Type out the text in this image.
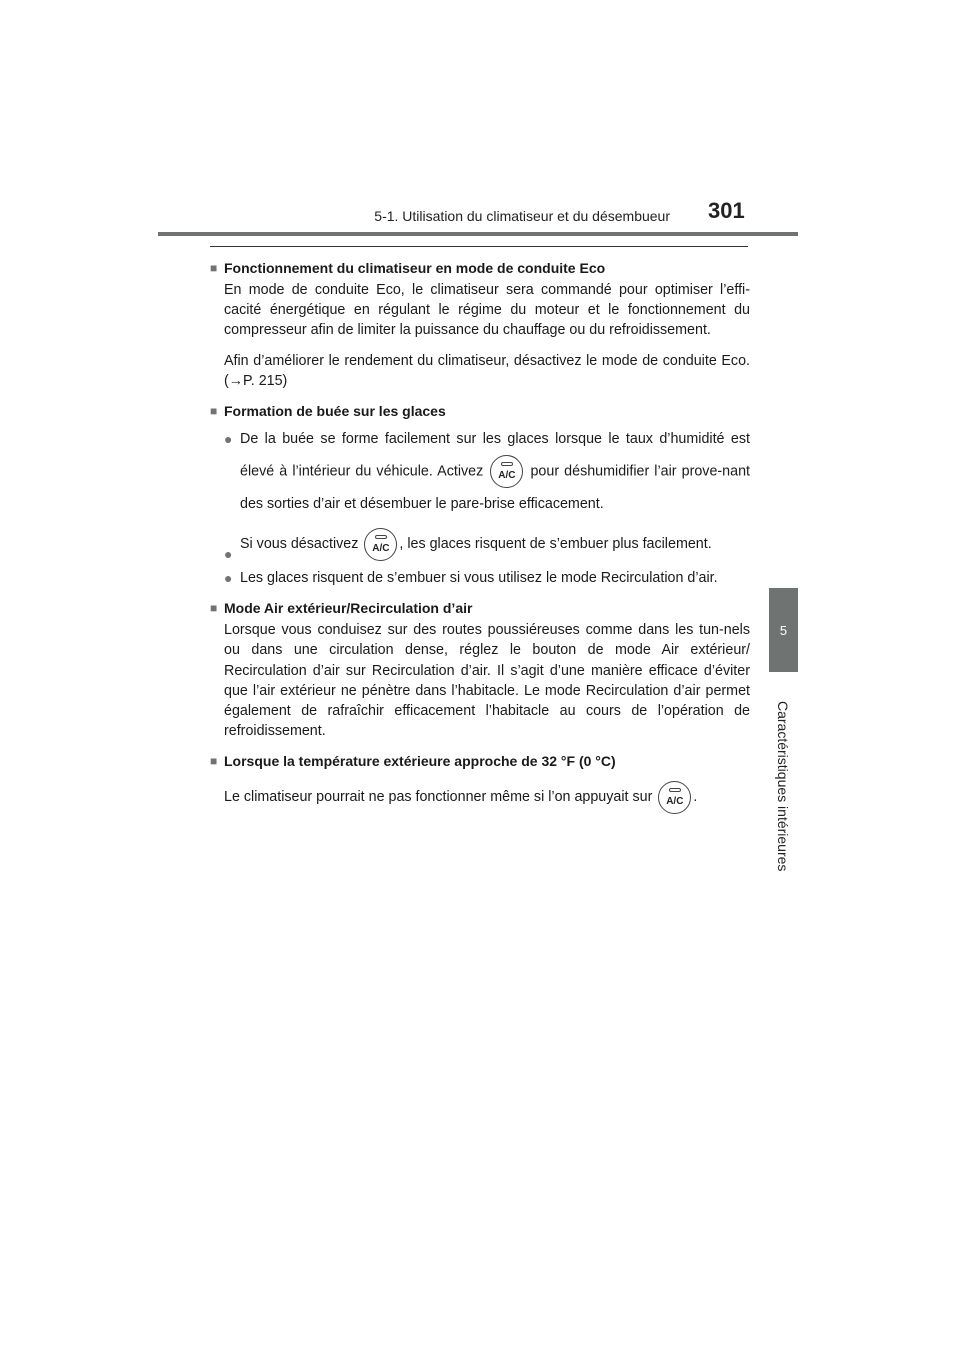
5-1. Utilisation du climatiseur et du désembueur 301
5
Caractéristiques intérieures
■ Fonctionnement du climatiseur en mode de conduite Eco

En mode de conduite Eco, le climatiseur sera commandé pour optimiser l’effi-cacité énergétique en régulant le régime du moteur et le fonctionnement du compresseur afin de limiter la puissance du chauffage ou du refroidissement.

Afin d’améliorer le rendement du climatiseur, désactivez le mode de conduite Eco. (→P. 215)

■ Formation de buée sur les glaces

● De la buée se forme facilement sur les glaces lorsque le taux d’humidité est élevé à l’intérieur du véhicule. Activez	A/C	pour déshumidifier l’air prove-nant des sorties d’air et désembuer le pare-brise efficacement.

●
Si vous désactivez	A/C , les glaces risquent de s’embuer plus facilement.

● Les glaces risquent de s’embuer si vous utilisez le mode Recirculation d’air.

■ Mode Air extérieur/Recirculation d’air

Lorsque vous conduisez sur des routes poussiéreuses comme dans les tun-nels ou dans une circulation dense, réglez le bouton de mode Air extérieur/ Recirculation d’air sur Recirculation d’air. Il s’agit d’une manière efficace d’éviter que l’air extérieur ne pénètre dans l’habitacle. Le mode Recirculation d’air permet également de rafraîchir efficacement l’habitacle au cours de l’opération de refroidissement.

■ Lorsque la température extérieure approche de 32 °F (0 °C)

Le climatiseur pourrait ne pas fonctionner même si l’on appuyait sur	A/C .
